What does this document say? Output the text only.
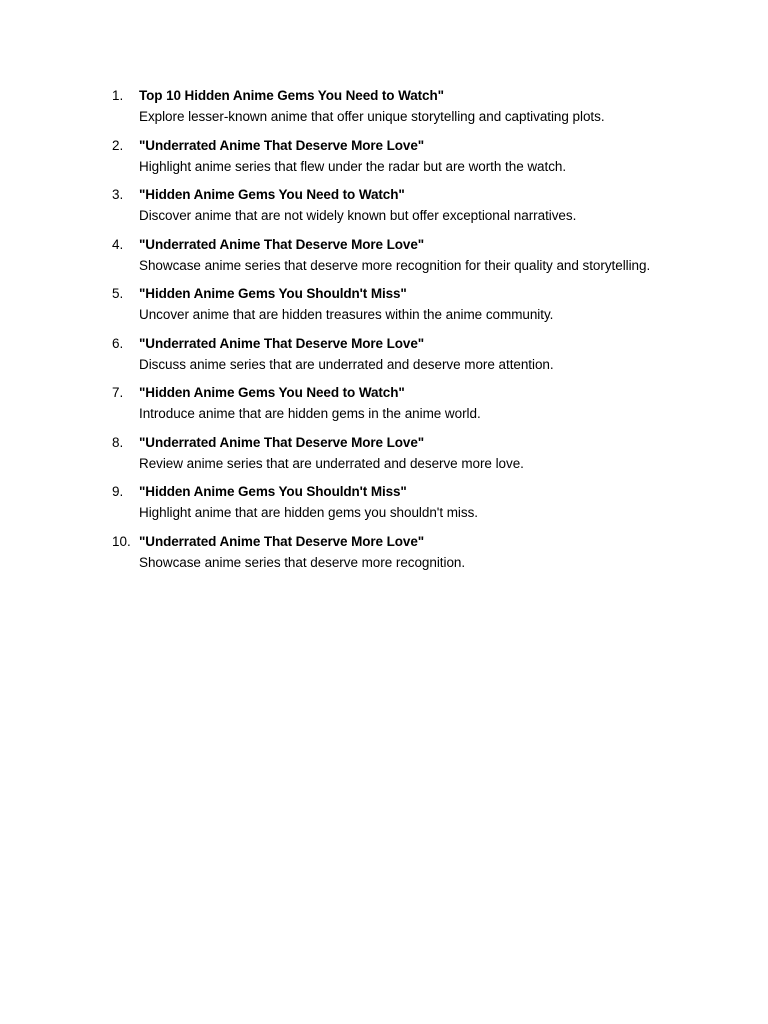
1.	Top 10 Hidden Anime Gems You Need to Watch"
Explore lesser-known anime that offer unique storytelling and captivating plots.
2.	"Underrated Anime That Deserve More Love"
Highlight anime series that flew under the radar but are worth the watch.
3.	"Hidden Anime Gems You Need to Watch"
Discover anime that are not widely known but offer exceptional narratives.
4.	"Underrated Anime That Deserve More Love"
Showcase anime series that deserve more recognition for their quality and storytelling.
5.	"Hidden Anime Gems You Shouldn't Miss"
Uncover anime that are hidden treasures within the anime community.
6.	"Underrated Anime That Deserve More Love"
Discuss anime series that are underrated and deserve more attention.
7.	"Hidden Anime Gems You Need to Watch"
Introduce anime that are hidden gems in the anime world.
8.	"Underrated Anime That Deserve More Love"
Review anime series that are underrated and deserve more love.
9.	"Hidden Anime Gems You Shouldn't Miss"
Highlight anime that are hidden gems you shouldn't miss.
10. "Underrated Anime That Deserve More Love"
Showcase anime series that deserve more recognition.
